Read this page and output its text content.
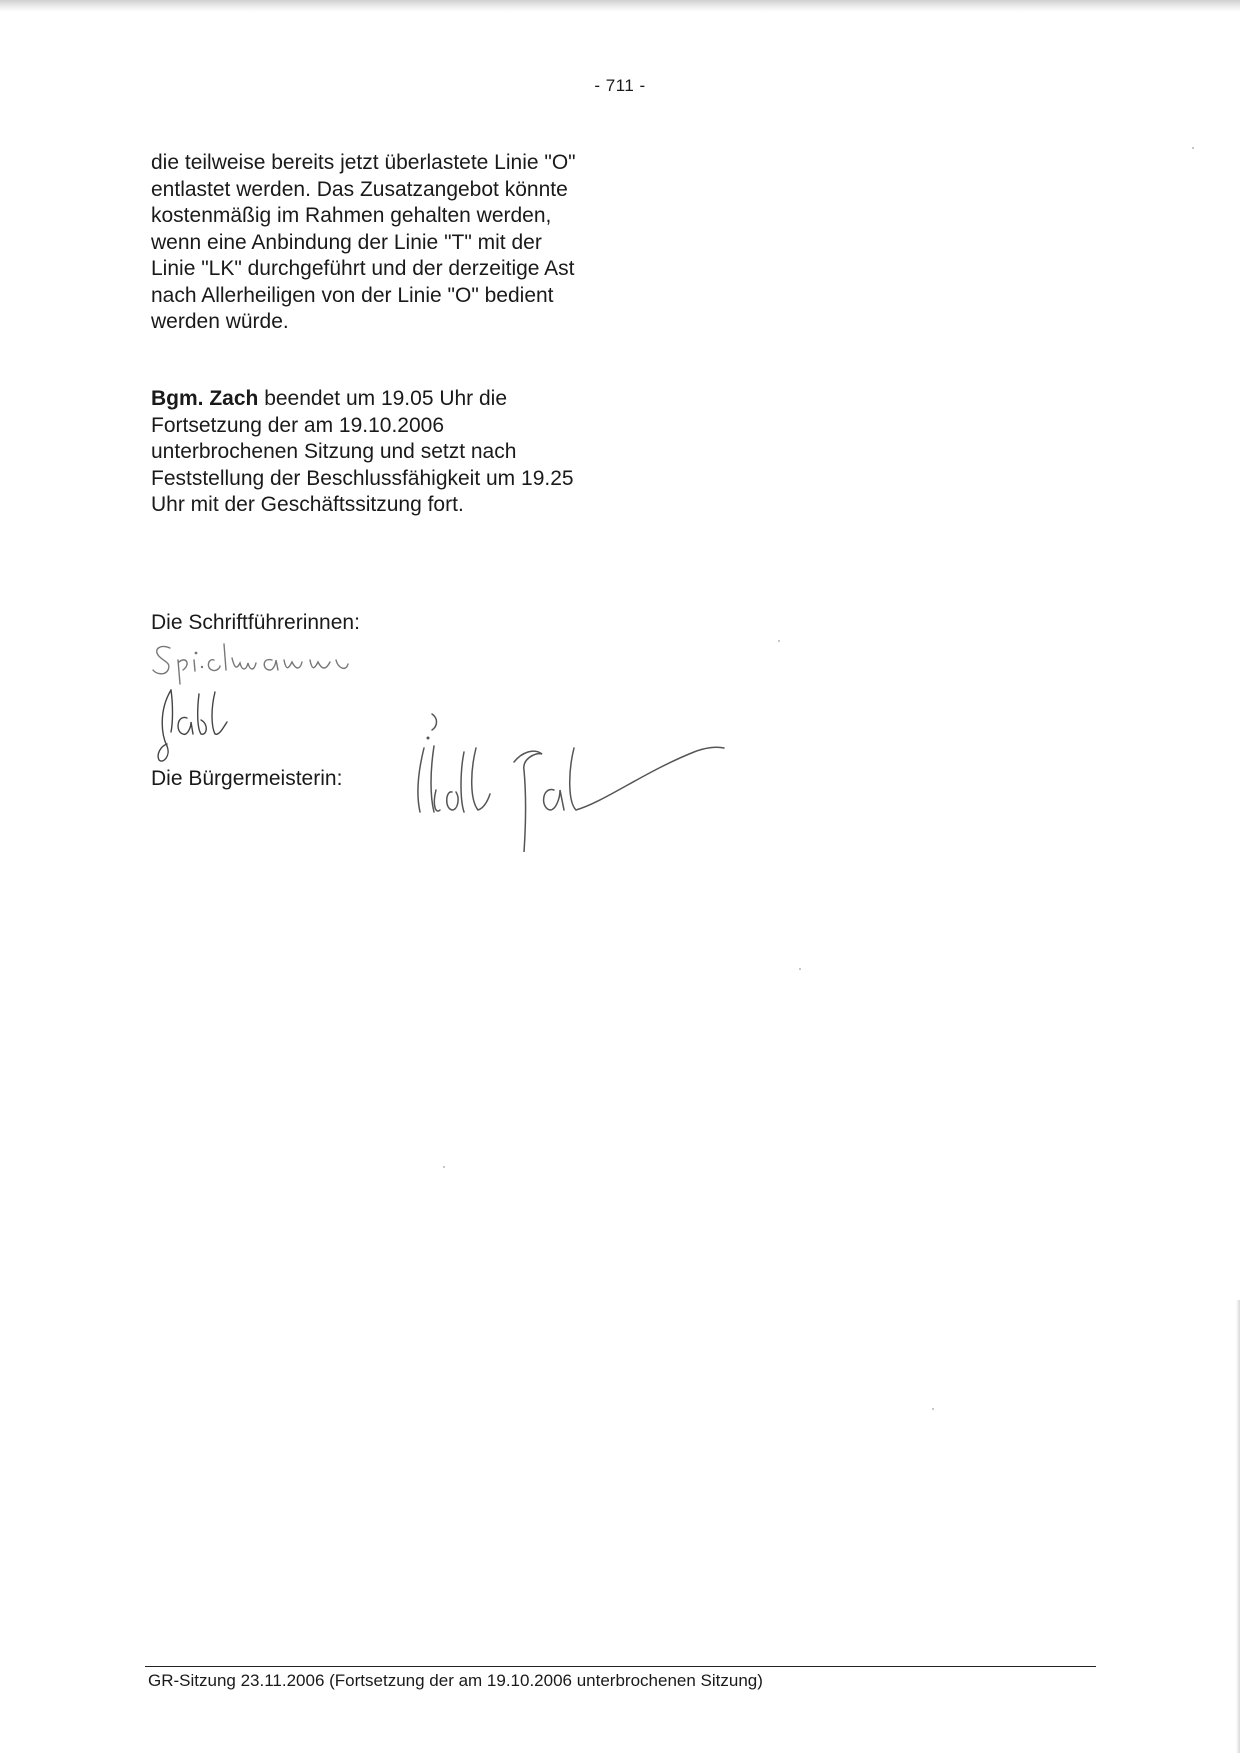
- 711 -

die teilweise bereits jetzt überlastete Linie "O" entlastet werden. Das Zusatzangebot könnte kostenmäßig im Rahmen gehalten werden, wenn eine Anbindung der Linie "T" mit der Linie "LK" durchgeführt und der derzeitige Ast nach Allerheiligen von der Linie "O" bedient werden würde.

Bgm. Zach beendet um 19.05 Uhr die Fortsetzung der am 19.10.2006 unterbrochenen Sitzung und setzt nach Feststellung der Beschlussfähigkeit um 19.25 Uhr mit der Geschäftssitzung fort.

Die Schriftführerinnen:
Die Bürgermeisterin:
GR-Sitzung 23.11.2006 (Fortsetzung der am 19.10.2006 unterbrochenen Sitzung)
